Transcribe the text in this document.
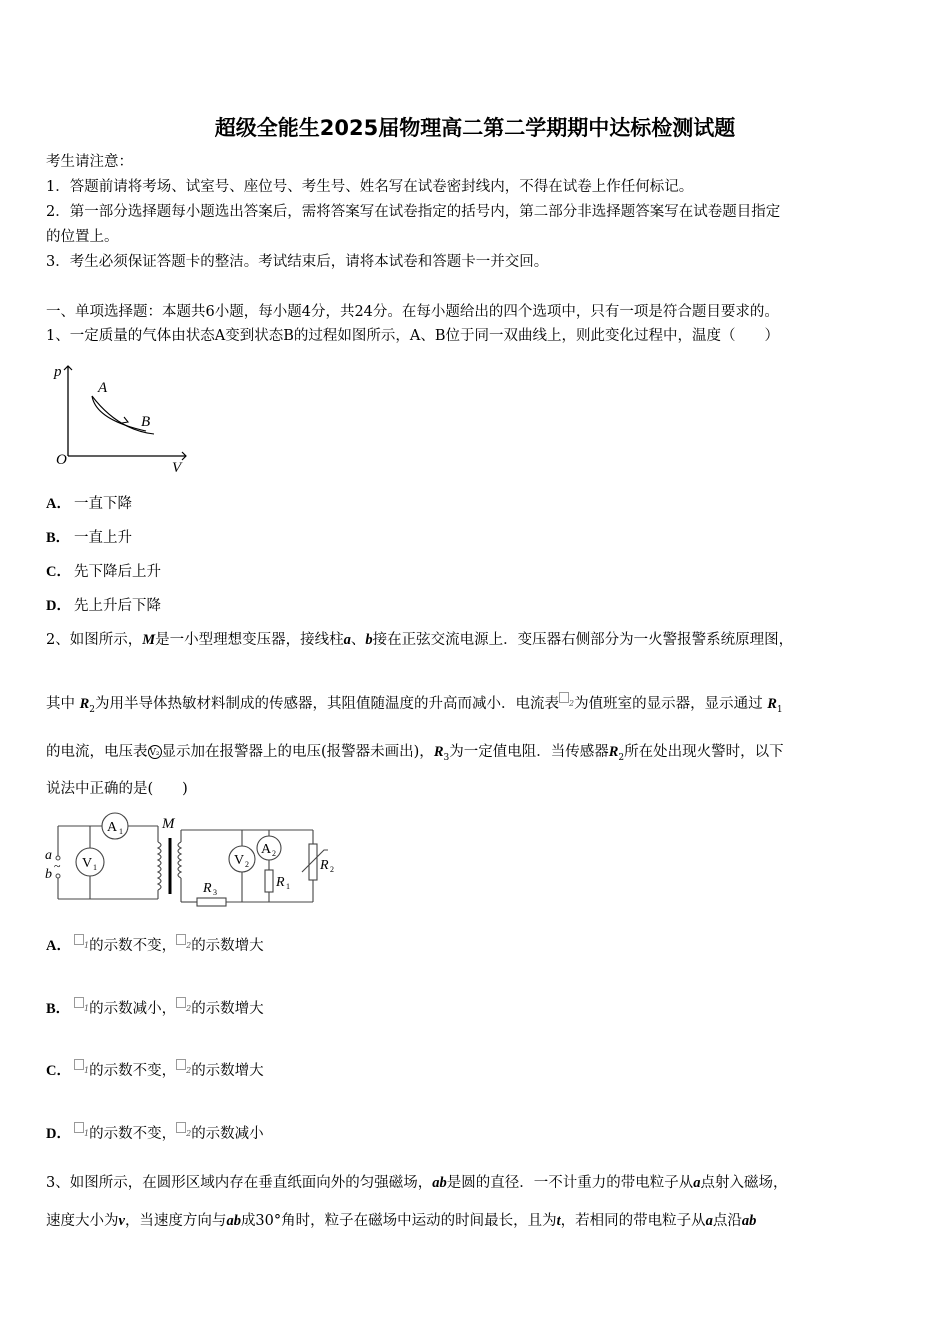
超级全能生2025届物理高二第二学期期中达标检测试题
考生请注意：
1．答题前请将考场、试室号、座位号、考生号、姓名写在试卷密封线内，不得在试卷上作任何标记。
2．第一部分选择题每小题选出答案后，需将答案写在试卷指定的括号内，第二部分非选择题答案写在试卷题目指定
的位置上。
3．考生必须保证答题卡的整洁。考试结束后，请将本试卷和答题卡一并交回。
一、单项选择题：本题共6小题，每小题4分，共24分。在每小题给出的四个选项中，只有一项是符合题目要求的。
1、一定质量的气体由状态A变到状态B的过程如图所示，A、B位于同一双曲线上，则此变化过程中，温度（　　）
p
V
O
A
B
A． 一直下降
B． 一直上升
C． 先下降后上升
D． 先上升后下降
2、如图所示，M是一小型理想变压器，接线柱a、b接在正弦交流电源上．变压器右侧部分为一火警报警系统原理图，
其中 $R_2$为用半导体热敏材料制成的传感器，其阻值随温度的升高而减小．电流表 $^2$为值班室的显示器，显示通过 $R_1$
的电流，电压表 V₂ 显示加在报警器上的电压(报警器未画出)，$R_3$为一定值电阻．当传感器$R_2$所在处出现火警时，以下
说法中正确的是(　　)
A 1
V 1	V 2
A 2
M
a
b
~
R 3
R 1
R 2
A． $^1$的示数不变， $^2$的示数增大
B． $^1$的示数减小， $^2$的示数增大
C． $^1$的示数不变， $^2$的示数增大
D． $^1$的示数不变， $^2$的示数减小
3、如图所示，在圆形区域内存在垂直纸面向外的匀强磁场，ab是圆的直径．一不计重力的带电粒子从a点射入磁场，
速度大小为v，当速度方向与ab成30°角时，粒子在磁场中运动的时间最长，且为t，若相同的带电粒子从a点沿ab
